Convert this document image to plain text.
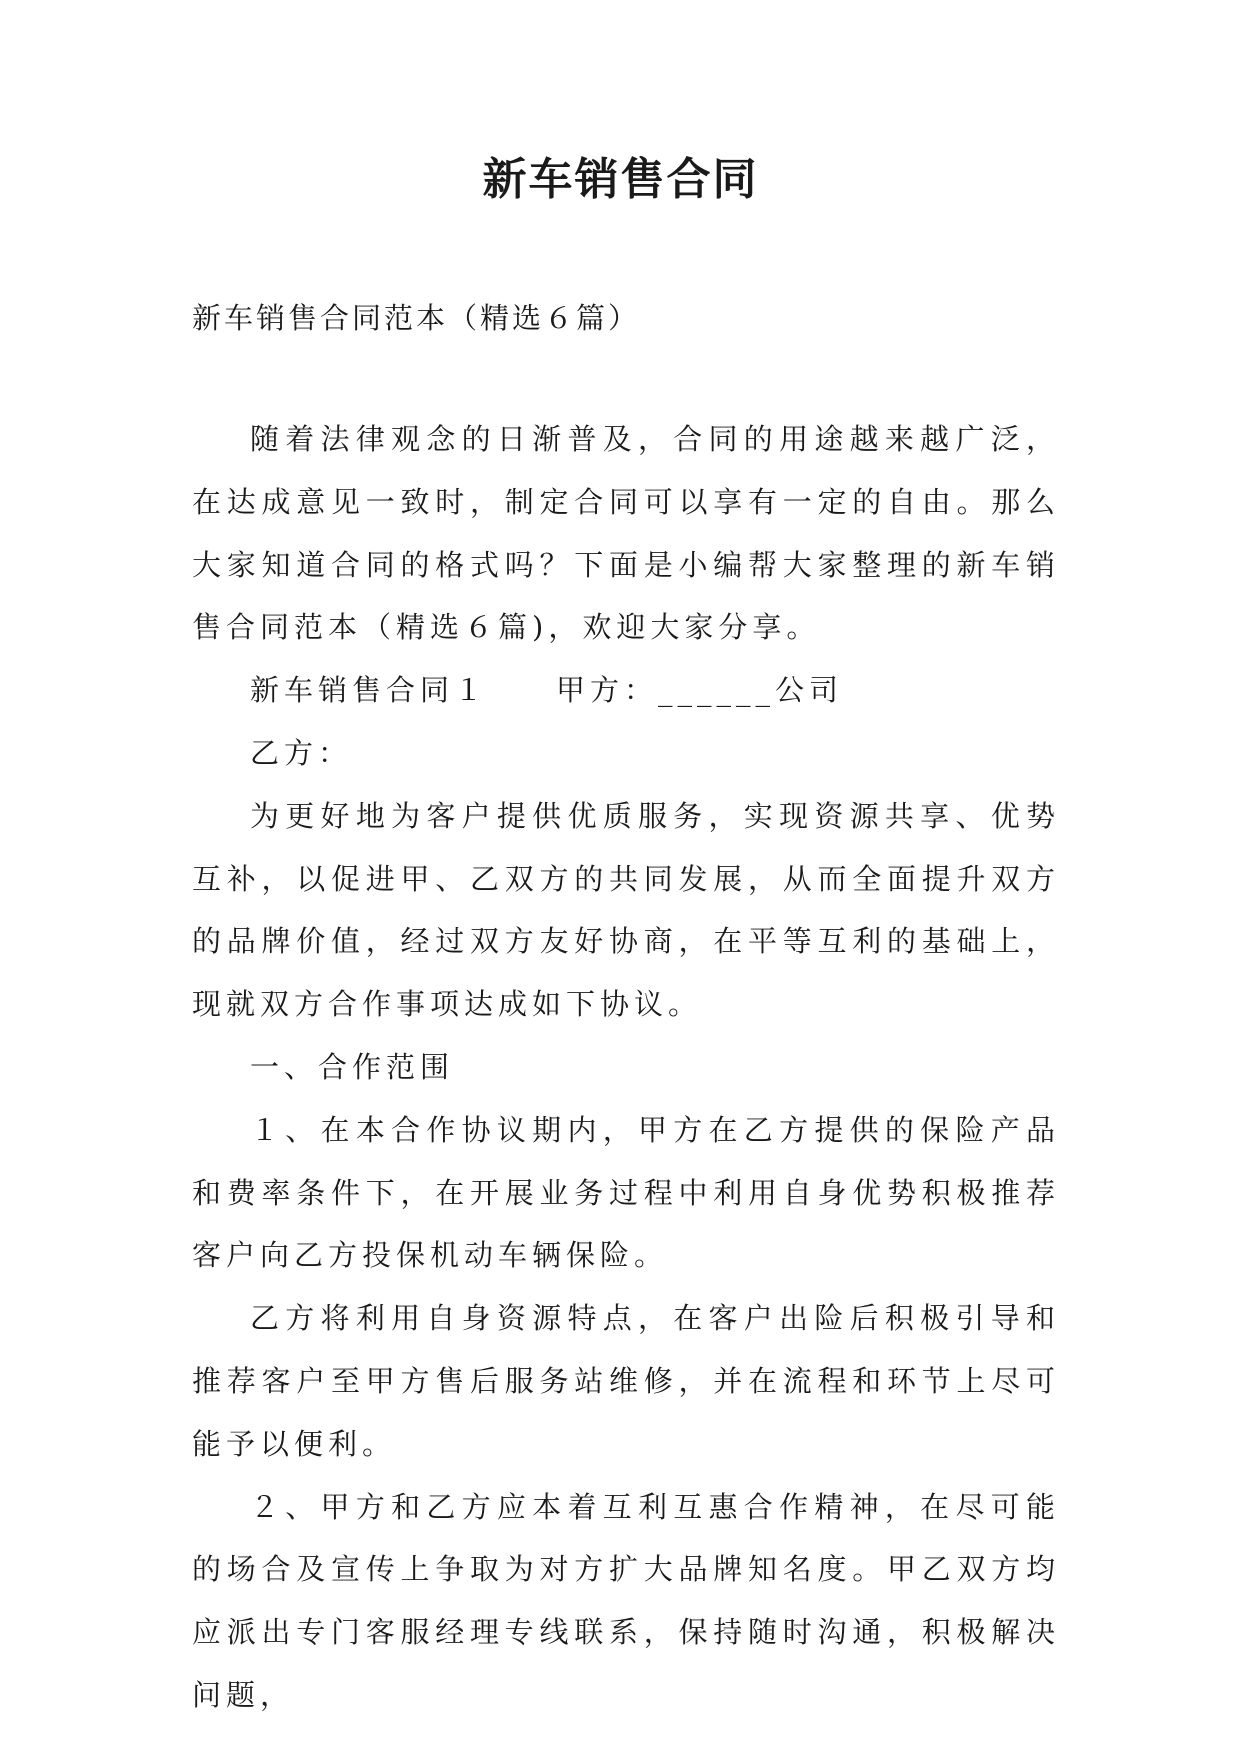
新车销售合同
新车销售合同范本（精选６篇）

随着法律观念的日渐普及，合同的用途越来越广泛，在达成意见一致时，制定合同可以享有一定的自由。那么大家知道合同的格式吗？下面是小编帮大家整理的新车销售合同范本（精选６篇)，欢迎大家分享。

新车销售合同１　　甲方：______公司

乙方：

为更好地为客户提供优质服务，实现资源共享、优势互补，以促进甲、乙双方的共同发展，从而全面提升双方的品牌价值，经过双方友好协商，在平等互利的基础上，现就双方合作事项达成如下协议。

一、合作范围

１、在本合作协议期内，甲方在乙方提供的保险产品和费率条件下，在开展业务过程中利用自身优势积极推荐客户向乙方投保机动车辆保险。

乙方将利用自身资源特点，在客户出险后积极引导和推荐客户至甲方售后服务站维修，并在流程和环节上尽可能予以便利。

２、甲方和乙方应本着互利互惠合作精神，在尽可能的场合及宣传上争取为对方扩大品牌知名度。甲乙双方均应派出专门客服经理专线联系，保持随时沟通，积极解决问题，
